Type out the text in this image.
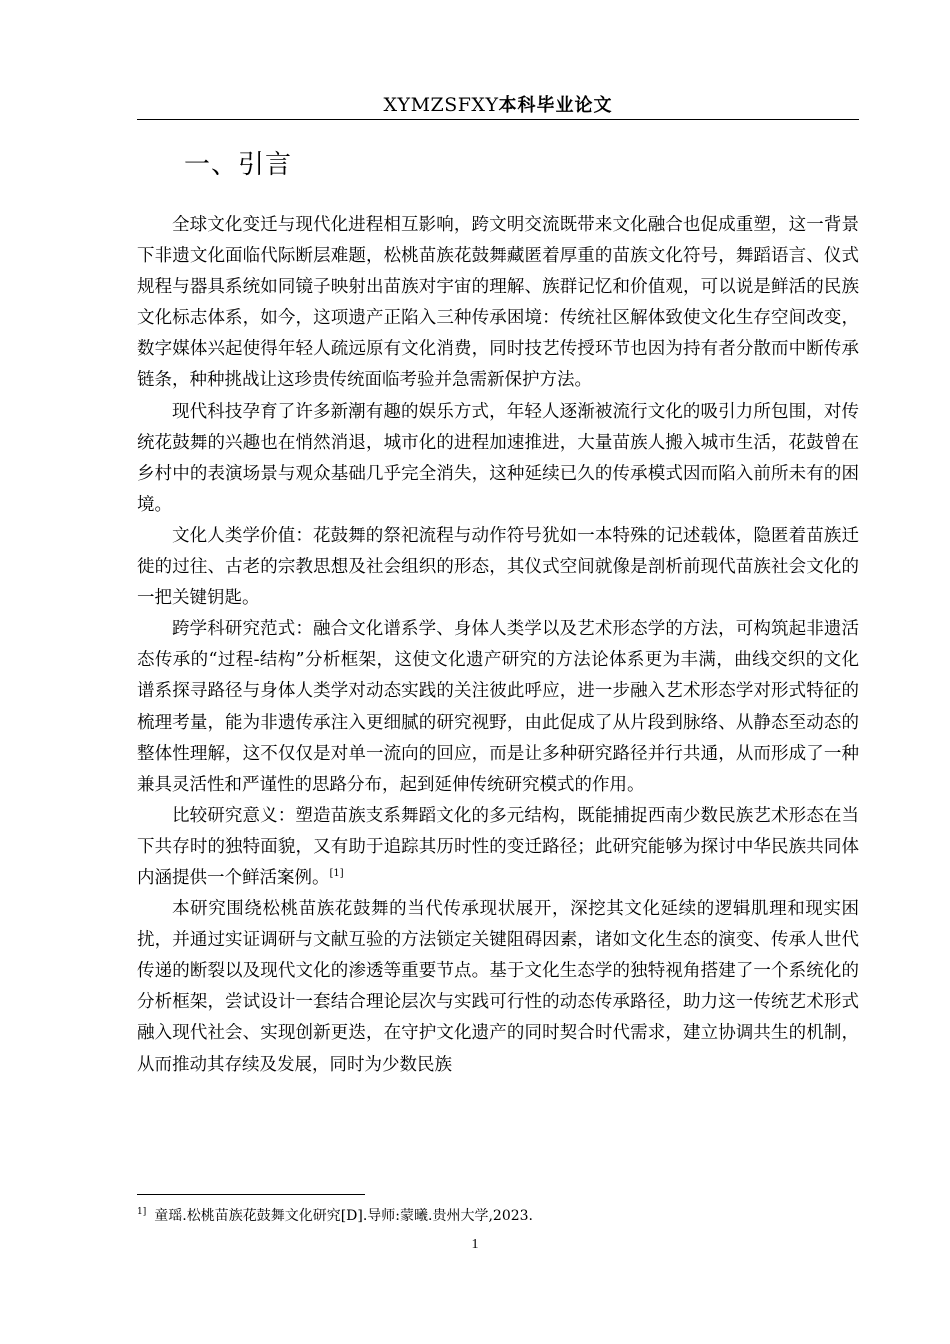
XYMZSFXY本科毕业论文
一、引言

全球文化变迁与现代化进程相互影响，跨文明交流既带来文化融合也促成重塑，这一背景下非遗文化面临代际断层难题，松桃苗族花鼓舞藏匿着厚重的苗族文化符号，舞蹈语言、仪式规程与器具系统如同镜子映射出苗族对宇宙的理解、族群记忆和价值观，可以说是鲜活的民族文化标志体系，如今，这项遗产正陷入三种传承困境：传统社区解体致使文化生存空间改变，数字媒体兴起使得年轻人疏远原有文化消费，同时技艺传授环节也因为持有者分散而中断传承链条，种种挑战让这珍贵传统面临考验并急需新保护方法。

现代科技孕育了许多新潮有趣的娱乐方式，年轻人逐渐被流行文化的吸引力所包围，对传统花鼓舞的兴趣也在悄然消退，城市化的进程加速推进，大量苗族人搬入城市生活，花鼓曾在乡村中的表演场景与观众基础几乎完全消失，这种延续已久的传承模式因而陷入前所未有的困境。

文化人类学价值：花鼓舞的祭祀流程与动作符号犹如一本特殊的记述载体，隐匿着苗族迁徙的过往、古老的宗教思想及社会组织的形态，其仪式空间就像是剖析前现代苗族社会文化的一把关键钥匙。

跨学科研究范式：融合文化谱系学、身体人类学以及艺术形态学的方法，可构筑起非遗活态传承的“过程-结构”分析框架，这使文化遗产研究的方法论体系更为丰满，曲线交织的文化谱系探寻路径与身体人类学对动态实践的关注彼此呼应，进一步融入艺术形态学对形式特征的梳理考量，能为非遗传承注入更细腻的研究视野，由此促成了从片段到脉络、从静态至动态的整体性理解，这不仅仅是对单一流向的回应，而是让多种研究路径并行共通，从而形成了一种兼具灵活性和严谨性的思路分布，起到延伸传统研究模式的作用。

比较研究意义：塑造苗族支系舞蹈文化的多元结构，既能捕捉西南少数民族艺术形态在当下共存时的独特面貌，又有助于追踪其历时性的变迁路径；此研究能够为探讨中华民族共同体内涵提供一个鲜活案例。[1]

本研究围绕松桃苗族花鼓舞的当代传承现状展开，深挖其文化延续的逻辑肌理和现实困扰，并通过实证调研与文献互验的方法锁定关键阻碍因素，诸如文化生态的演变、传承人世代传递的断裂以及现代文化的渗透等重要节点。基于文化生态学的独特视角搭建了一个系统化的分析框架，尝试设计一套结合理论层次与实践可行性的动态传承路径，助力这一传统艺术形式融入现代社会、实现创新更迭，在守护文化遗产的同时契合时代需求，建立协调共生的机制，从而推动其存续及发展，同时为少数民族

$^{1]}$ 童瑶.松桃苗族花鼓舞文化研究[D].导师:蒙曦.贵州大学,2023.
1
